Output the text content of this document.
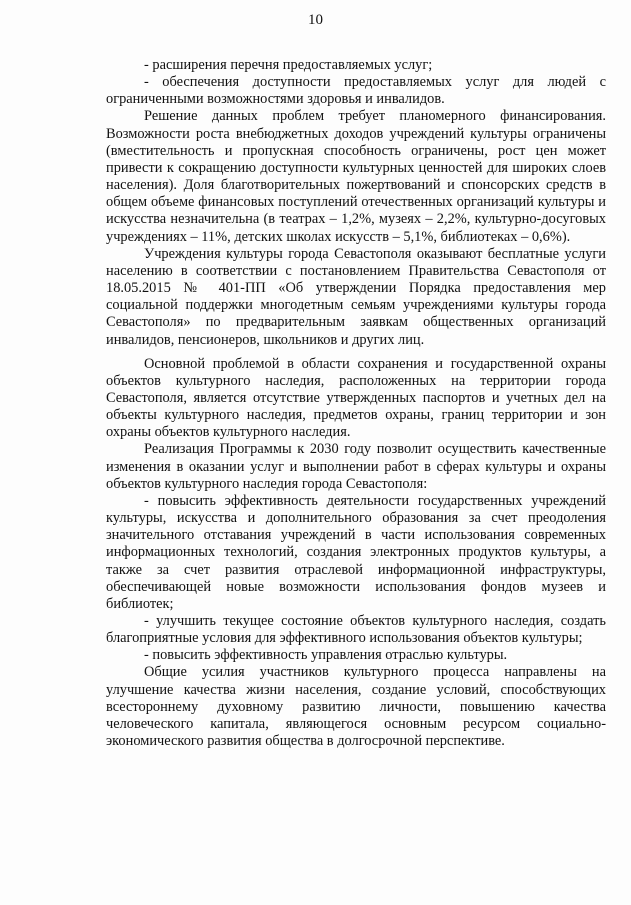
10

- расширения перечня предоставляемых услуг;

- обеспечения доступности предоставляемых услуг для людей с ограниченными возможностями здоровья и инвалидов.

Решение данных проблем требует планомерного финансирования. Возможности роста внебюджетных доходов учреждений культуры ограничены (вместительность и пропускная способность ограничены, рост цен может привести к сокращению доступности культурных ценностей для широких слоев населения). Доля благотворительных пожертвований и спонсорских средств в общем объеме финансовых поступлений отечественных организаций культуры и искусства незначительна (в театрах – 1,2%, музеях – 2,2%, культурно-досуговых учреждениях – 11%, детских школах искусств – 5,1%, библиотеках – 0,6%).

Учреждения культуры города Севастополя оказывают бесплатные услуги населению в соответствии с постановлением Правительства Севастополя от 18.05.2015 № 401-ПП «Об утверждении Порядка предоставления мер социальной поддержки многодетным семьям учреждениями культуры города Севастополя» по предварительным заявкам общественных организаций инвалидов, пенсионеров, школьников и других лиц.

Основной проблемой в области сохранения и государственной охраны объектов культурного наследия, расположенных на территории города Севастополя, является отсутствие утвержденных паспортов и учетных дел на объекты культурного наследия, предметов охраны, границ территории и зон охраны объектов культурного наследия.

Реализация Программы к 2030 году позволит осуществить качественные изменения в оказании услуг и выполнении работ в сферах культуры и охраны объектов культурного наследия города Севастополя:

- повысить эффективность деятельности государственных учреждений культуры, искусства и дополнительного образования за счет преодоления значительного отставания учреждений в части использования современных информационных технологий, создания электронных продуктов культуры, а также за счет развития отраслевой информационной инфраструктуры, обеспечивающей новые возможности использования фондов музеев и библиотек;

- улучшить текущее состояние объектов культурного наследия, создать благоприятные условия для эффективного использования объектов культуры;

- повысить эффективность управления отраслью культуры.

Общие усилия участников культурного процесса направлены на улучшение качества жизни населения, создание условий, способствующих всестороннему духовному развитию личности, повышению качества человеческого капитала, являющегося основным ресурсом социально-экономического развития общества в долгосрочной перспективе.
